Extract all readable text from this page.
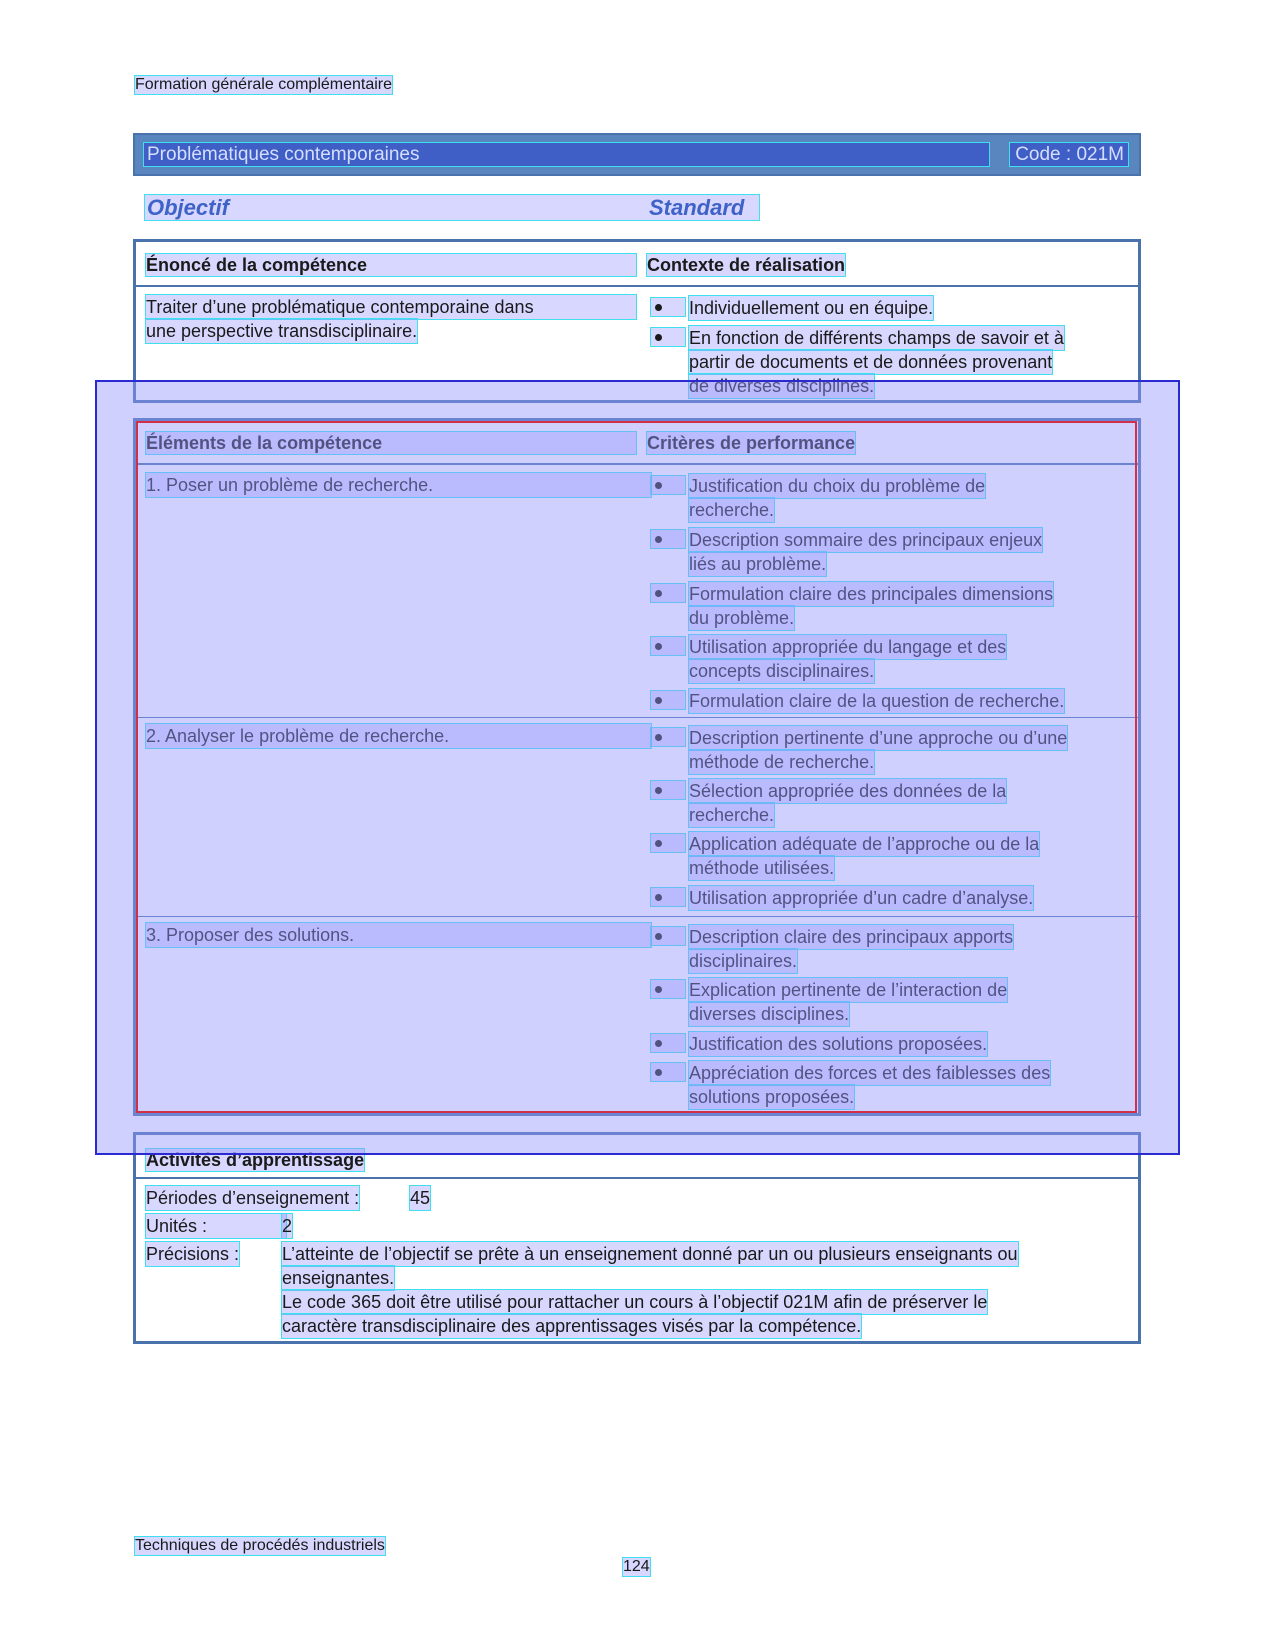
Formation générale complémentaire
Problématiques contemporaines	Code : 021M
Objectif	Standard
Énoncé de la compétence	Contexte de réalisation
Traiter d’une problématique contemporaine dans
une perspective transdisciplinaire.
Individuellement ou en équipe.
En fonction de différents champs de savoir et à
partir de documents et de données provenant
de diverses disciplines.
Éléments de la compétence	Critères de performance
1. Poser un problème de recherche.	Justification du choix du problème de
recherche.
Description sommaire des principaux enjeux
liés au problème.
Formulation claire des principales dimensions
du problème.
Utilisation appropriée du langage et des
concepts disciplinaires.
Formulation claire de la question de recherche.
2. Analyser le problème de recherche.	Description pertinente d’une approche ou d’une
méthode de recherche.
Sélection appropriée des données de la
recherche.
Application adéquate de l’approche ou de la
méthode utilisées.
Utilisation appropriée d’un cadre d’analyse.
3. Proposer des solutions.	Description claire des principaux apports
disciplinaires.
Explication pertinente de l’interaction de
diverses disciplines.
Justification des solutions proposées.
Appréciation des forces et des faiblesses des
solutions proposées.
Activités d’apprentissage
Périodes d’enseignement :	45
Unités :	2
Précisions : L’atteinte de l’objectif se prête à un enseignement donné par un ou plusieurs enseignants ou
enseignantes.
Le code 365 doit être utilisé pour rattacher un cours à l’objectif 021M afin de préserver le
caractère transdisciplinaire des apprentissages visés par la compétence.
Techniques de procédés industriels
124
